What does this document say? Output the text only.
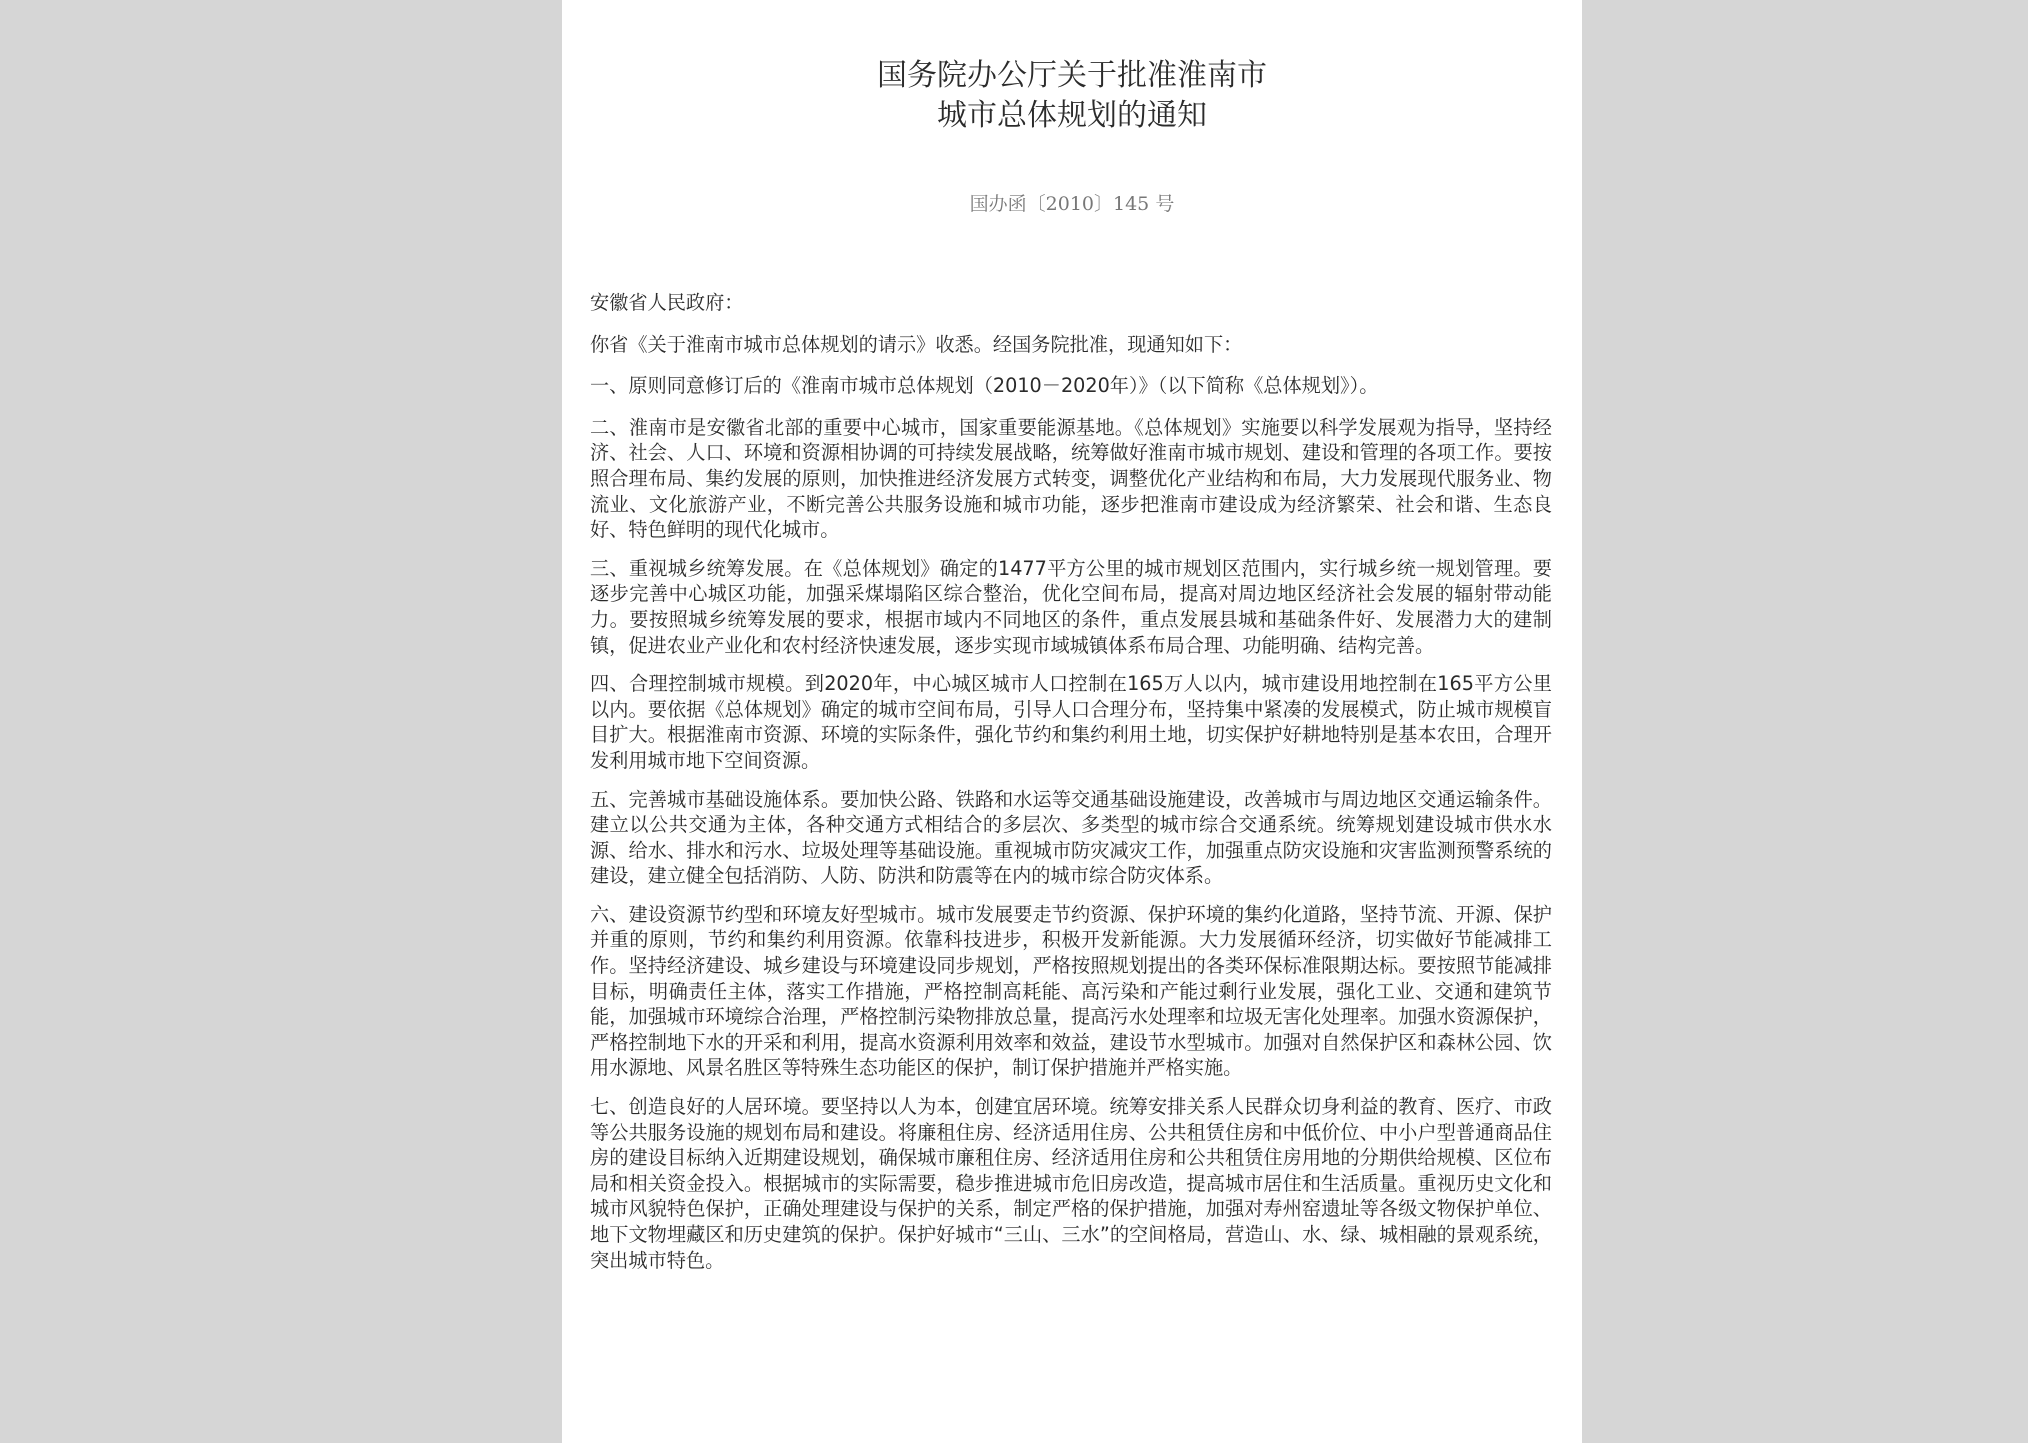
国务院办公厅关于批准淮南市
城市总体规划的通知
国办函〔2010〕145 号

安徽省人民政府：

你省《关于淮南市城市总体规划的请示》收悉。经国务院批准，现通知如下：

一、原则同意修订后的《淮南市城市总体规划（2010－2020年）》（以下简称《总体规划》）。

二、淮南市是安徽省北部的重要中心城市，国家重要能源基地。《总体规划》实施要以科学发展观为指导，坚持经济、社会、人口、环境和资源相协调的可持续发展战略，统筹做好淮南市城市规划、建设和管理的各项工作。要按照合理布局、集约发展的原则，加快推进经济发展方式转变，调整优化产业结构和布局，大力发展现代服务业、物流业、文化旅游产业，不断完善公共服务设施和城市功能，逐步把淮南市建设成为经济繁荣、社会和谐、生态良好、特色鲜明的现代化城市。

三、重视城乡统筹发展。在《总体规划》确定的1477平方公里的城市规划区范围内，实行城乡统一规划管理。要逐步完善中心城区功能，加强采煤塌陷区综合整治，优化空间布局，提高对周边地区经济社会发展的辐射带动能力。要按照城乡统筹发展的要求，根据市域内不同地区的条件，重点发展县城和基础条件好、发展潜力大的建制镇，促进农业产业化和农村经济快速发展，逐步实现市域城镇体系布局合理、功能明确、结构完善。

四、合理控制城市规模。到2020年，中心城区城市人口控制在165万人以内，城市建设用地控制在165平方公里以内。要依据《总体规划》确定的城市空间布局，引导人口合理分布，坚持集中紧凑的发展模式，防止城市规模盲目扩大。根据淮南市资源、环境的实际条件，强化节约和集约利用土地，切实保护好耕地特别是基本农田，合理开发利用城市地下空间资源。

五、完善城市基础设施体系。要加快公路、铁路和水运等交通基础设施建设，改善城市与周边地区交通运输条件。建立以公共交通为主体，各种交通方式相结合的多层次、多类型的城市综合交通系统。统筹规划建设城市供水水源、给水、排水和污水、垃圾处理等基础设施。重视城市防灾减灾工作，加强重点防灾设施和灾害监测预警系统的建设，建立健全包括消防、人防、防洪和防震等在内的城市综合防灾体系。

六、建设资源节约型和环境友好型城市。城市发展要走节约资源、保护环境的集约化道路，坚持节流、开源、保护并重的原则，节约和集约利用资源。依靠科技进步，积极开发新能源。大力发展循环经济，切实做好节能减排工作。坚持经济建设、城乡建设与环境建设同步规划，严格按照规划提出的各类环保标准限期达标。要按照节能减排目标，明确责任主体，落实工作措施，严格控制高耗能、高污染和产能过剩行业发展，强化工业、交通和建筑节能，加强城市环境综合治理，严格控制污染物排放总量，提高污水处理率和垃圾无害化处理率。加强水资源保护，严格控制地下水的开采和利用，提高水资源利用效率和效益，建设节水型城市。加强对自然保护区和森林公园、饮用水源地、风景名胜区等特殊生态功能区的保护，制订保护措施并严格实施。

七、创造良好的人居环境。要坚持以人为本，创建宜居环境。统筹安排关系人民群众切身利益的教育、医疗、市政等公共服务设施的规划布局和建设。将廉租住房、经济适用住房、公共租赁住房和中低价位、中小户型普通商品住房的建设目标纳入近期建设规划，确保城市廉租住房、经济适用住房和公共租赁住房用地的分期供给规模、区位布局和相关资金投入。根据城市的实际需要，稳步推进城市危旧房改造，提高城市居住和生活质量。重视历史文化和城市风貌特色保护，正确处理建设与保护的关系，制定严格的保护措施，加强对寿州窑遗址等各级文物保护单位、地下文物埋藏区和历史建筑的保护。保护好城市“三山、三水”的空间格局，营造山、水、绿、城相融的景观系统，突出城市特色。
